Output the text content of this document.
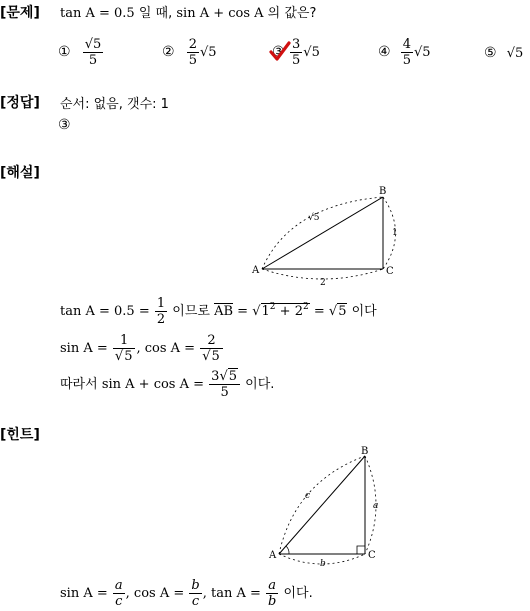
[문제] tan A = 0.5 일 때, sin A + cos A 의 값은?
① $\frac{√5}{5}$	② $\frac{2}{5} √5$	③ $\frac{3}{5} √5$	④ $\frac{4}{5} √5$	⑤ √5
[정답] 순서: 없음, 갯수: 1
③
[해설]
A
B
C
√5
1
2
$\tan A = 0.5 = \frac{1}{2}$ 이므로 AB = $√1^2 + 2^2 = √5$ 이다
$\sin A = \frac{1}{√5}$ , $\cos A = \frac{2}{√5}$
따라서 $\sin A + \cos A = \frac{3√5}{5}$ 이다.
[힌트]
A
B
C
c
a
b
$\sin A = \frac{a}{c}$ , $\cos A = \frac{b}{c}$ , $\tan A = \frac{a}{b}$ 이다.
